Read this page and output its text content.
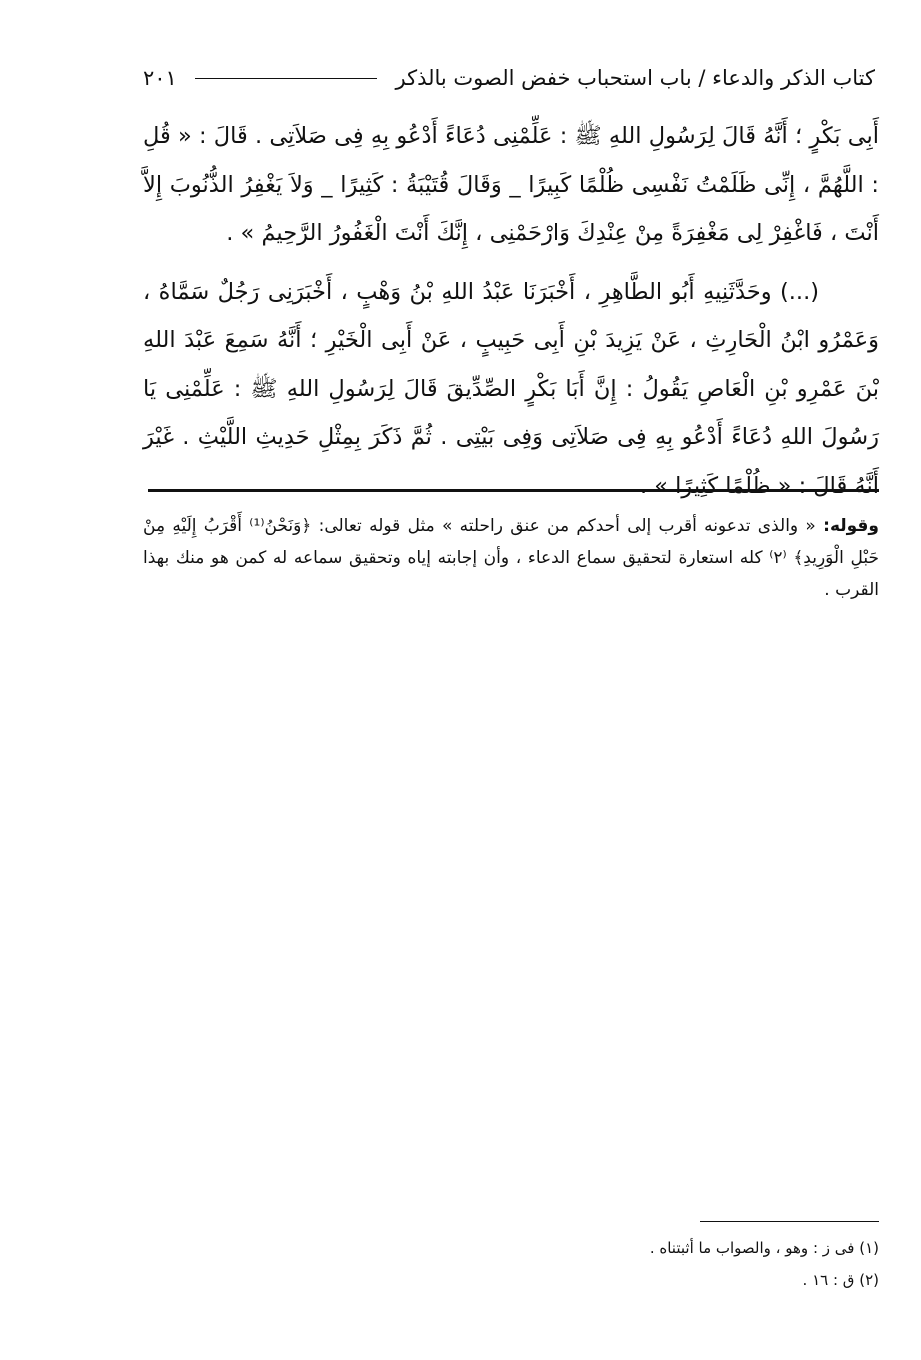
كتاب الذكر والدعاء / باب استحباب خفض الصوت بالذكر
٢٠١

أَبِى بَكْرٍ ؛ أَنَّهُ قَالَ لِرَسُولِ اللهِ ﷺ : عَلِّمْنِى دُعَاءً أَدْعُو بِهِ فِى صَلاَتِى . قَالَ : « قُلِ : اللَّهُمَّ ، إِنِّى ظَلَمْتُ نَفْسِى ظُلْمًا كَبِيرًا _ وَقَالَ قُتَيْبَةُ : كَثِيرًا _ وَلاَ يَغْفِرُ الذُّنُوبَ إِلاَّ أَنْتَ ، فَاغْفِرْ لِى مَغْفِرَةً مِنْ عِنْدِكَ وَارْحَمْنِى ، إِنَّكَ أَنْتَ الْغَفُورُ الرَّحِيمُ » .

(...) وحَدَّثَنِيهِ أَبُو الطَّاهِرِ ، أَخْبَرَنَا عَبْدُ اللهِ بْنُ وَهْبٍ ، أَخْبَرَنِى رَجُلٌ سَمَّاهُ ، وَعَمْرُو ابْنُ الْحَارِثِ ، عَنْ يَزِيدَ بْنِ أَبِى حَبِيبٍ ، عَنْ أَبِى الْخَيْرِ ؛ أَنَّهُ سَمِعَ عَبْدَ اللهِ بْنَ عَمْرِو بْنِ الْعَاصِ يَقُولُ : إِنَّ أَبَا بَكْرٍ الصِّدِّيقَ قَالَ لِرَسُولِ اللهِ ﷺ : عَلِّمْنِى يَا رَسُولَ اللهِ دُعَاءً أَدْعُو بِهِ فِى صَلاَتِى وَفِى بَيْتِى . ثُمَّ ذَكَرَ بِمِثْلِ حَدِيثِ اللَّيْثِ . غَيْرَ أَنَّهُ قَالَ : « ظُلْمًا كَثِيرًا » .

وقوله: « والذى تدعونه أقرب إلى أحدكم من عنق راحلته » مثل قوله تعالى: ﴿وَنَحْنُ⁽¹⁾ أَقْرَبُ إِلَيْهِ مِنْ حَبْلِ الْوَرِيدِ﴾ ⁽٢⁾ كله استعارة لتحقيق سماع الدعاء ، وأن إجابته إياه وتحقيق سماعه له كمن هو منك بهذا القرب .
(١) فى ز : وهو ، والصواب ما أثبتناه .
(٢) ق : ١٦ .
